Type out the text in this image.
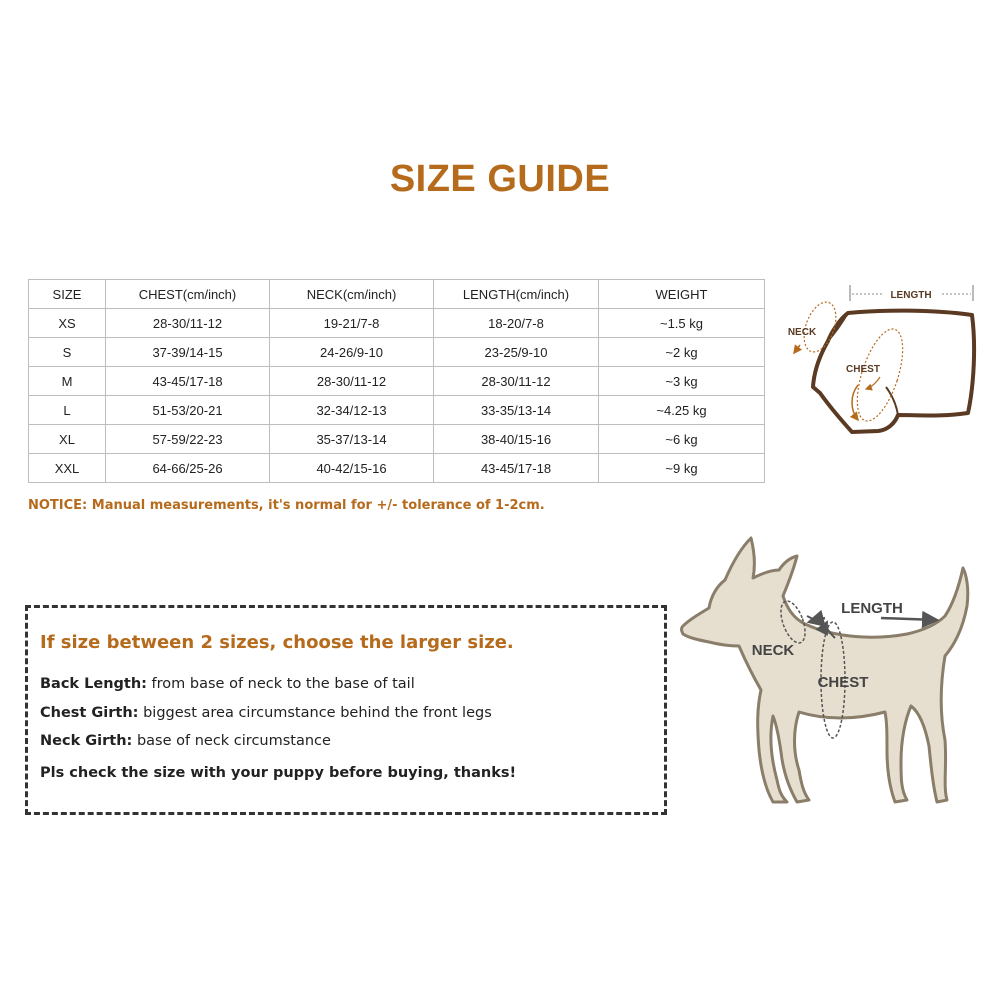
SIZE GUIDE
SIZE	CHEST(cm/inch)	NECK(cm/inch)	LENGTH(cm/inch)	WEIGHT
XS	28-30/11-12	19-21/7-8	18-20/7-8	~1.5 kg
S	37-39/14-15	24-26/9-10	23-25/9-10	~2 kg
M	43-45/17-18	28-30/11-12	28-30/11-12	~3 kg
L	51-53/20-21	32-34/12-13	33-35/13-14	~4.25 kg
XL	57-59/22-23	35-37/13-14	38-40/15-16	~6 kg
XXL	64-66/25-26	40-42/15-16	43-45/17-18	~9 kg
LENGTH
NECK
CHEST
NOTICE: Manual measurements, it's normal for +/- tolerance of 1-2cm.
If size between 2 sizes, choose the larger size.
Back Length: from base of neck to the base of tail
Chest Girth: biggest area circumstance behind the front legs
Neck Girth: base of neck circumstance
Pls check the size with your puppy before buying, thanks!
NECK
LENGTH
CHEST
